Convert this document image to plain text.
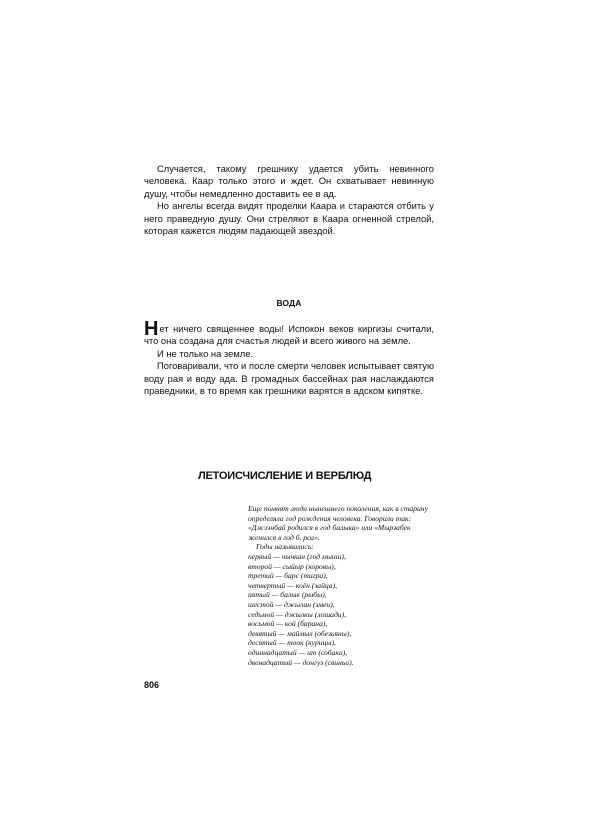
Случается, такому грешнику удается убить невинного человека. Каар только этого и ждет. Он схватывает невинную душу, чтобы немедленно доставить ее в ад.

Но ангелы всегда видят проделки Каара и стараются отбить у него праведную душу. Они стреляют в Каара огненной стрелой, которая кажется людям падающей звездой.

ВОДА

Нет ничего священнее воды! Испокон веков киргизы считали, что она создана для счастья людей и всего живого на земле.

И не только на земле.

Поговаривали, что и после смерти человек испытывает святую воду рая и воду ада. В громадных бассейнах рая наслаждаются праведники, в то время как грешники варятся в адском кипятке.

ЛЕТОИСЧИСЛЕНИЕ И ВЕРБЛЮД

Еще помнят люди нынешнего поколения, как в старину определяли год рождения человека. Говорили так: «Джээнбай родился в год балыка» или «Мырзабек женился в год б. рса».

Годы назывались:

первый — чычкан (год мыши),
второй — сыйыр (коровы),
третий — барс (тигра),
четвертый — коён (зайца),
пятый — балык (рыбы),
шестой — джылан (змеи),
седьмой — джылкы (лошади),
восьмой — кой (барана),
девятый — маймыл (обезьяны),
десятый — тоок (курицы),
одиннадцатый — ит (собаки),
двенадцатый — донгуз (свиньи).
806
